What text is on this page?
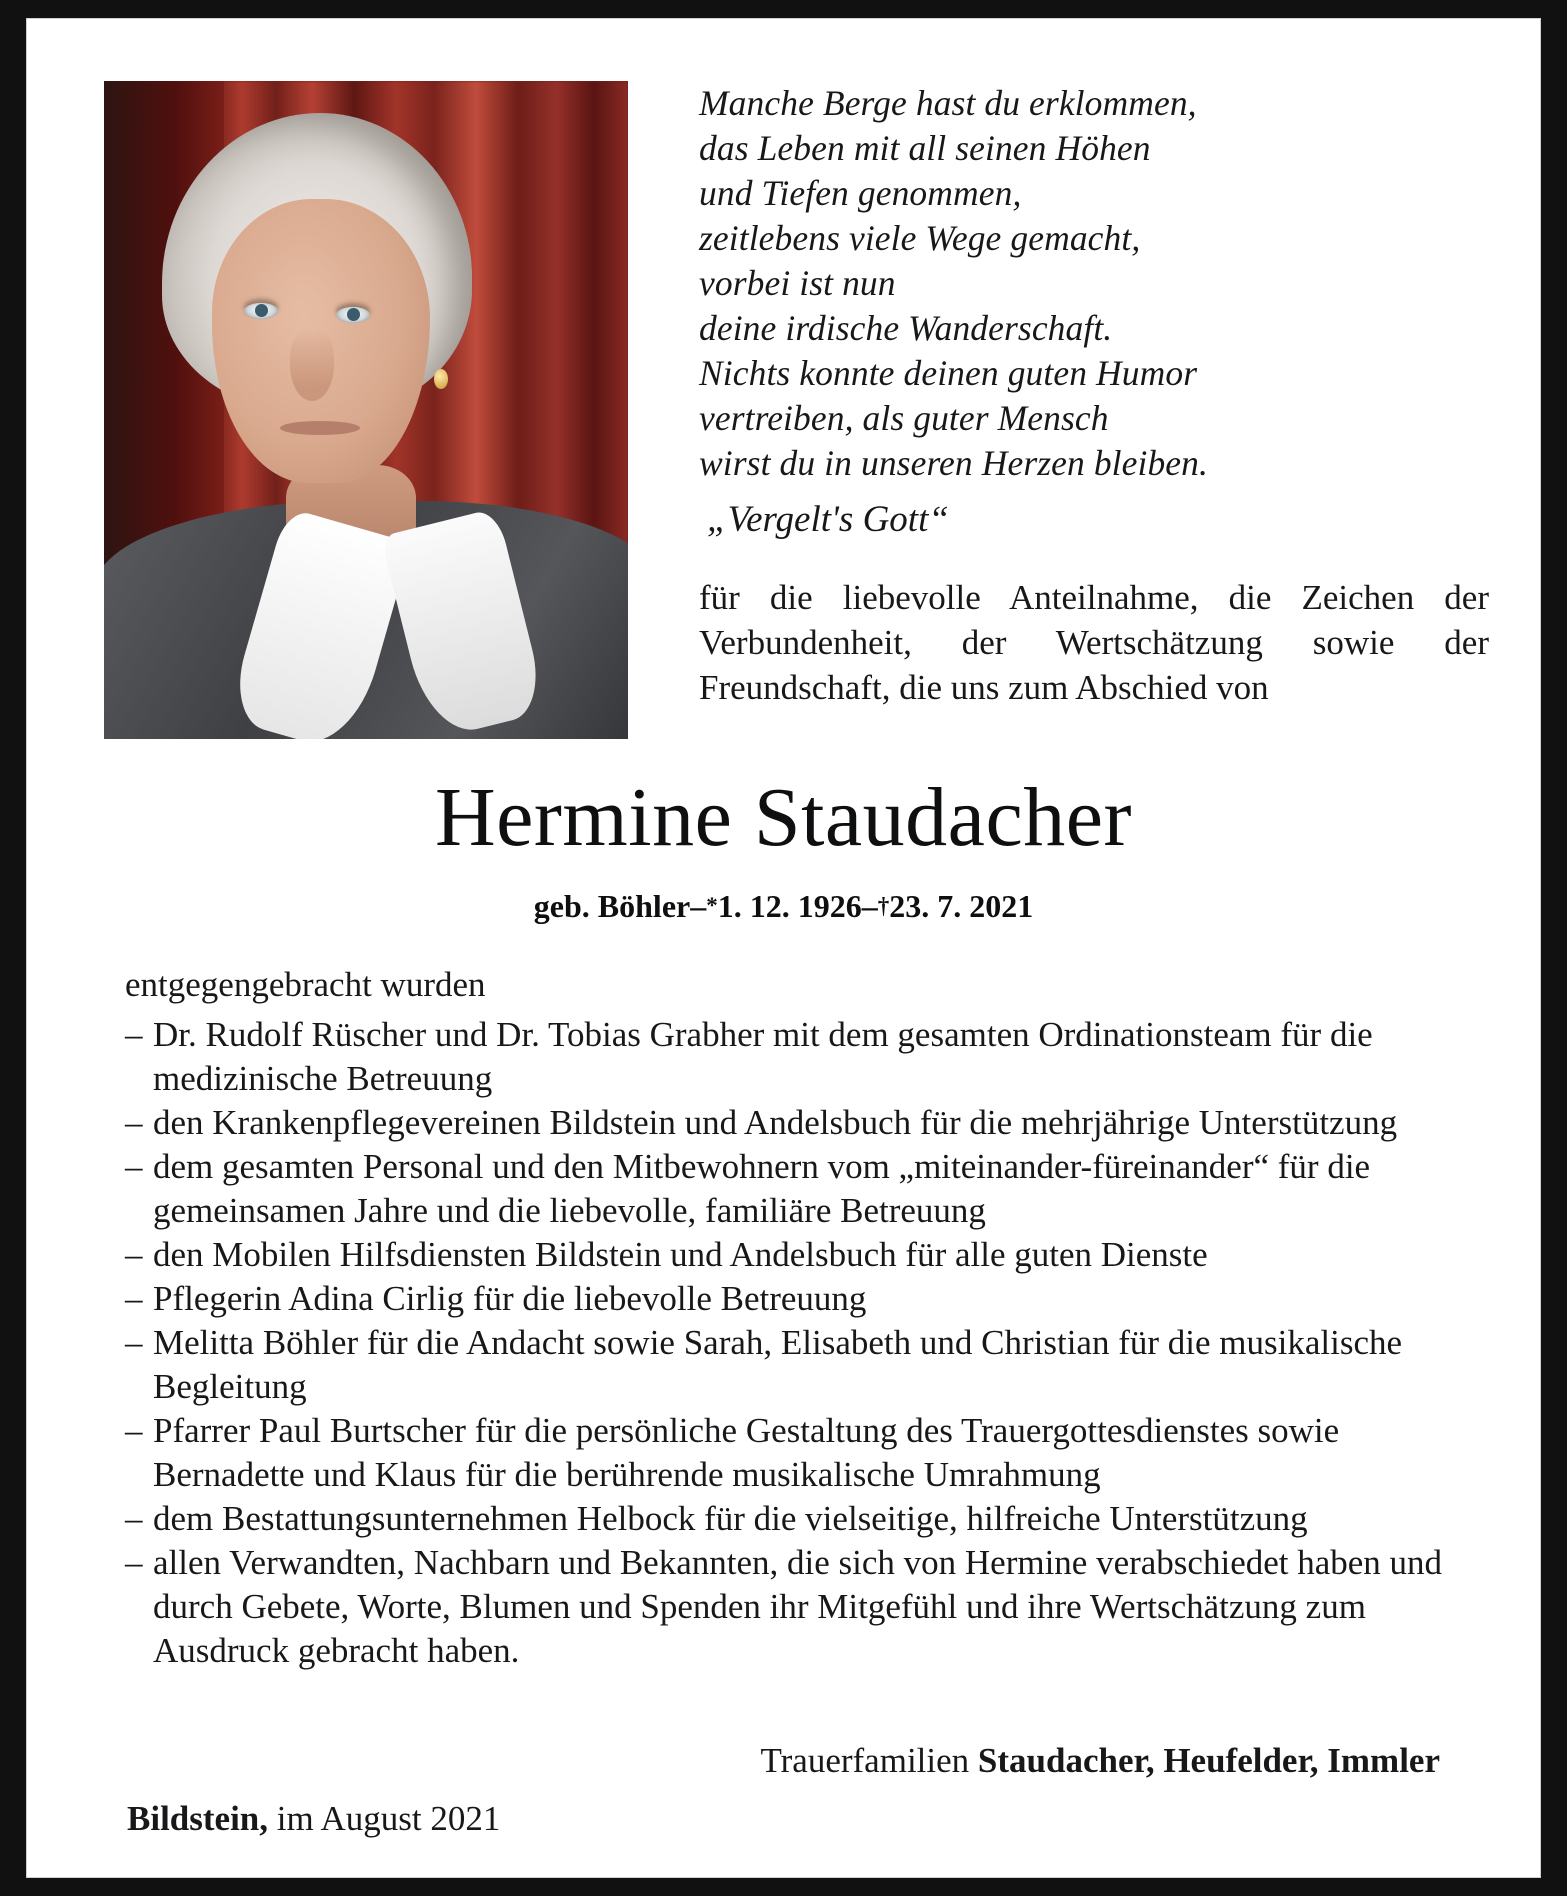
Manche Berge hast du erklommen,
das Leben mit all seinen Höhen
und Tiefen genommen,
zeitlebens viele Wege gemacht,
vorbei ist nun
deine irdische Wanderschaft.
Nichts konnte deinen guten Humor
vertreiben, als guter Mensch
wirst du in unseren Herzen bleiben.
„Vergelt's Gott“
für die liebevolle Anteilnahme, die Zeichen der Verbundenheit, der Wertschätzung sowie der Freundschaft, die uns zum Abschied von
Hermine Staudacher
geb. Böhler–*1. 12. 1926–†23. 7. 2021
entgegengebracht wurden
– Dr. Rudolf Rüscher und Dr. Tobias Grabher mit dem gesamten Ordinationsteam für die medizinische Betreuung
– den Krankenpflegevereinen Bildstein und Andelsbuch für die mehrjährige Unterstützung
– dem gesamten Personal und den Mitbewohnern vom „miteinander-füreinander“ für die gemeinsamen Jahre und die liebevolle, familiäre Betreuung
– den Mobilen Hilfsdiensten Bildstein und Andelsbuch für alle guten Dienste
– Pflegerin Adina Cirlig für die liebevolle Betreuung
– Melitta Böhler für die Andacht sowie Sarah, Elisabeth und Christian für die musikalische Begleitung
– Pfarrer Paul Burtscher für die persönliche Gestaltung des Trauergottesdienstes sowie Bernadette und Klaus für die berührende musikalische Umrahmung
– dem Bestattungsunternehmen Helbock für die vielseitige, hilfreiche Unterstützung
– allen Verwandten, Nachbarn und Bekannten, die sich von Hermine verabschiedet haben und durch Gebete, Worte, Blumen und Spenden ihr Mitgefühl und ihre Wertschätzung zum Ausdruck gebracht haben.
Trauerfamilien Staudacher, Heufelder, Immler
Bildstein, im August 2021
